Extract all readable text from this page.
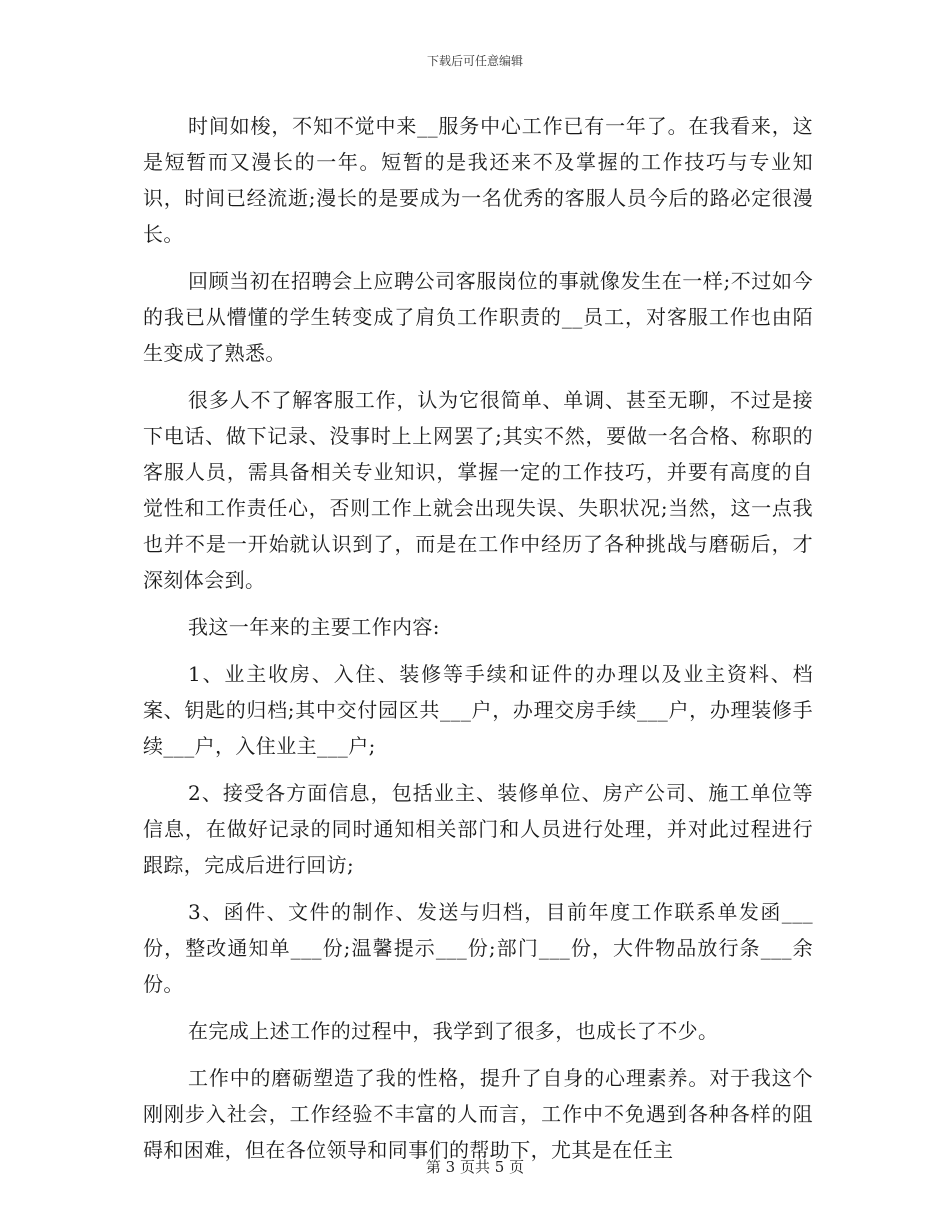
下载后可任意编辑

时间如梭，不知不觉中来__服务中心工作已有一年了。在我看来，这是短暂而又漫长的一年。短暂的是我还来不及掌握的工作技巧与专业知识，时间已经流逝;漫长的是要成为一名优秀的客服人员今后的路必定很漫长。

回顾当初在招聘会上应聘公司客服岗位的事就像发生在一样;不过如今的我已从懵懂的学生转变成了肩负工作职责的__员工，对客服工作也由陌生变成了熟悉。

很多人不了解客服工作，认为它很简单、单调、甚至无聊，不过是接下电话、做下记录、没事时上上网罢了;其实不然，要做一名合格、称职的客服人员，需具备相关专业知识，掌握一定的工作技巧，并要有高度的自觉性和工作责任心，否则工作上就会出现失误、失职状况;当然，这一点我也并不是一开始就认识到了，而是在工作中经历了各种挑战与磨砺后，才深刻体会到。

我这一年来的主要工作内容:

1、业主收房、入住、装修等手续和证件的办理以及业主资料、档案、钥匙的归档;其中交付园区共___户，办理交房手续___户，办理装修手续___户，入住业主___户;

2、接受各方面信息，包括业主、装修单位、房产公司、施工单位等信息，在做好记录的同时通知相关部门和人员进行处理，并对此过程进行跟踪，完成后进行回访;

3、函件、文件的制作、发送与归档，目前年度工作联系单发函___份，整改通知单___份;温馨提示___份;部门___份，大件物品放行条___余份。

在完成上述工作的过程中，我学到了很多，也成长了不少。

工作中的磨砺塑造了我的性格，提升了自身的心理素养。对于我这个刚刚步入社会，工作经验不丰富的人而言，工作中不免遇到各种各样的阻碍和困难，但在各位领导和同事们的帮助下，尤其是在任主

第 3 页共 5 页
